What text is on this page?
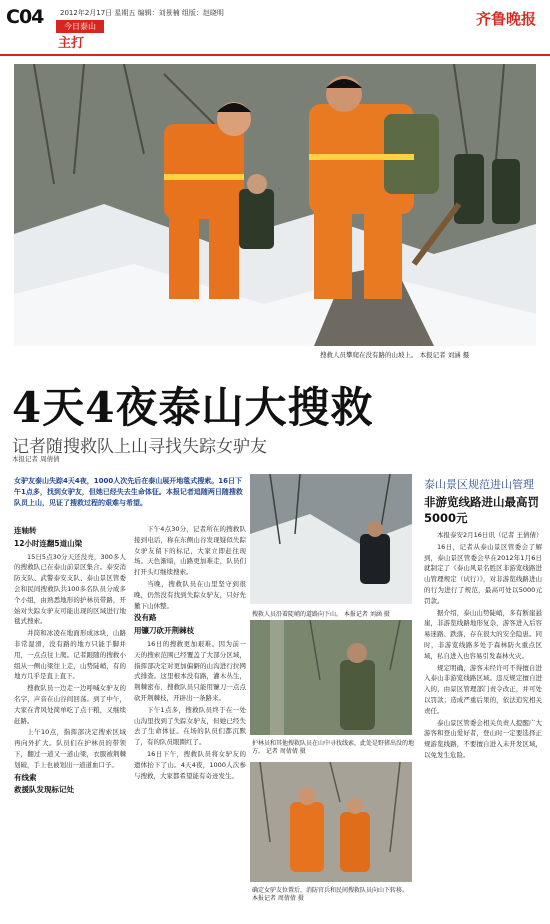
C04 2012年2月17日 星期五 编辑：刘景楠 组版：赵晓明
今日泰山
主打
齐鲁晚报
搜救人员攀爬在没有路的山坡上。 本报记者 刘涵 摄
4天4夜泰山大搜救
记者随搜救队上山寻找失踪女驴友
本报记者 周倩倩
女驴友泰山失踪4天4夜，1000人次先后在泰山展开地毯式搜索。16日下午1点多，找到女驴友，但她已经失去生命体征。本报记者追随两日随搜救队员上山，见证了搜救过程的艰难与希望。
连轴转
12小时连翻5道山梁

15日5点30分天还没亮，300多人的搜救队已在泰山前景区集合。泰安消防支队、武警泰安支队、泰山景区管委会和民间搜救队共100多名队员分成多个小组，由熟悉地形的护林员带路，开始对失踪女驴友可能出现的区域进行地毯式搜索。

井筒和冰凌在地面形成冰块，山路非常湿滑，没有路的地方只能手脚并用，一点点往上爬。记者跟随的搜救小组从一侧山梁往上走，山势陡峭，有的地方几乎是直上直下。

搜救队员一边走一边呼喊女驴友的名字，声音在山谷间回荡。到了中午，大家在背风处简单吃了点干粮，又继续赶路。

上午10点，指挥部决定搜索区域再向外扩大。队员们在护林员的带领下，翻过一道又一道山梁，衣服被荆棘划破，手上也被划出一道道血口子。

有线索
救援队发现标记处

下午4点30分，记者所在的搜救队接到电话，称在东侧山谷发现疑似失踪女驴友留下的标记，大家立即赶往现场。天色渐暗，山路更加难走，队员们打开头灯继续搜索。

当晚，搜救队员在山里坚守到很晚，仍然没有找到失踪女驴友，只好先撤下山休整。

没有路
用镰刀砍开荆棘枝

16日的搜救更加艰难。因为前一天的搜索范围已经覆盖了大部分区域，指挥部决定对更加偏僻的山沟进行拉网式排查。这里根本没有路，灌木丛生，荆棘密布，搜救队员只能用镰刀一点点砍开荆棘枝，开辟出一条路来。

下午1点多，搜救队员终于在一处山沟里找到了失踪女驴友，但她已经失去了生命体征。在场的队员们都沉默了，有的队员眼圈红了。

16日下午，搜救队员将女驴友的遗体抬下了山。4天4夜，1000人次参与搜救，大家都希望能有奇迹发生。

搜救人员沿着陡峭的道路向下山。 本报记者 刘涵 摄
护林员和其他搜救队员在山中寻找线索，此处是野猪出没的地方。 记者 周倩倩 摄
确定女驴友位置后，消防官兵和民间搜救队员向山下转移。 本报记者 周倩倩 摄
泰山景区规范进山管理
非游览线路进山最高罚5000元

本报泰安2月16日讯（记者 王倩倩）

16日，记者从泰山景区管委会了解到，泰山景区管委会早在2012年1月6日就制定了《泰山风景名胜区非游览线路进山管理规定（试行）》，对非游览线路进山的行为进行了规范，最高可处以5000元罚款。

据介绍，泰山山势陡峭，多有断崖悬崖，非游览线路地形复杂，游客进入后容易迷路、跌落，存在很大的安全隐患。同时，非游览线路多处于森林防火重点区域，私自进入也容易引发森林火灾。

规定明确，游客未经许可不得擅自进入泰山非游览线路区域。违反规定擅自进入的，由景区管理部门责令改正，并可处以罚款；造成严重后果的，依法追究相关责任。

泰山景区管委会相关负责人提醒广大游客和登山爱好者，登山时一定要选择正规游览线路，不要擅自进入未开发区域，以免发生危险。
